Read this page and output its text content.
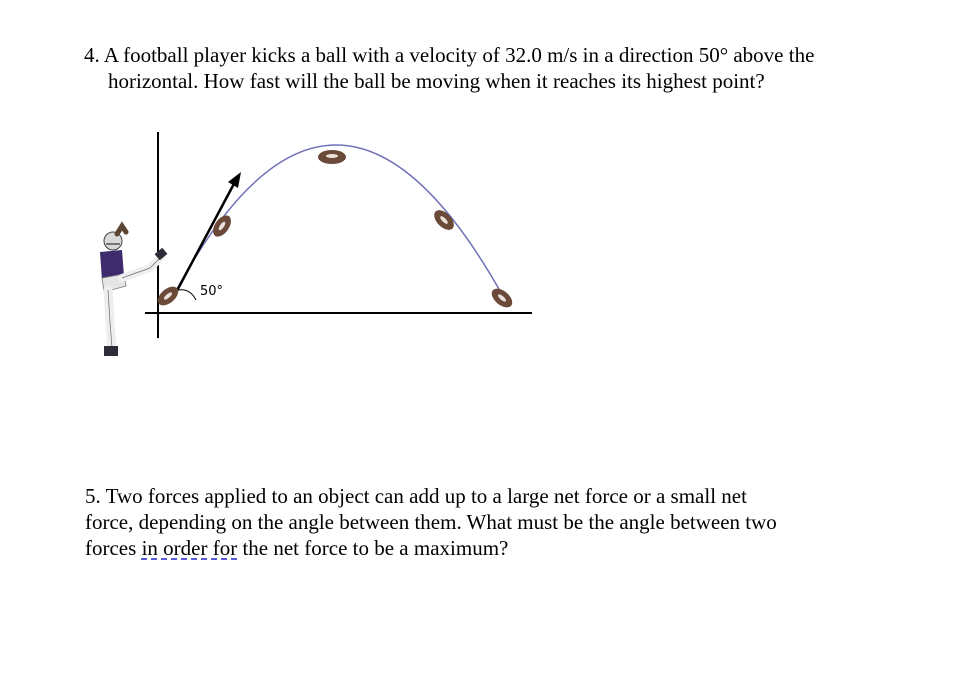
4. A football player kicks a ball with a velocity of 32.0 m/s in a direction 50° above the
horizontal. How fast will the ball be moving when it reaches its highest point?
50°
5. Two forces applied to an object can add up to a large net force or a small net
force, depending on the angle between them. What must be the angle between two
forces in order for the net force to be a maximum?
